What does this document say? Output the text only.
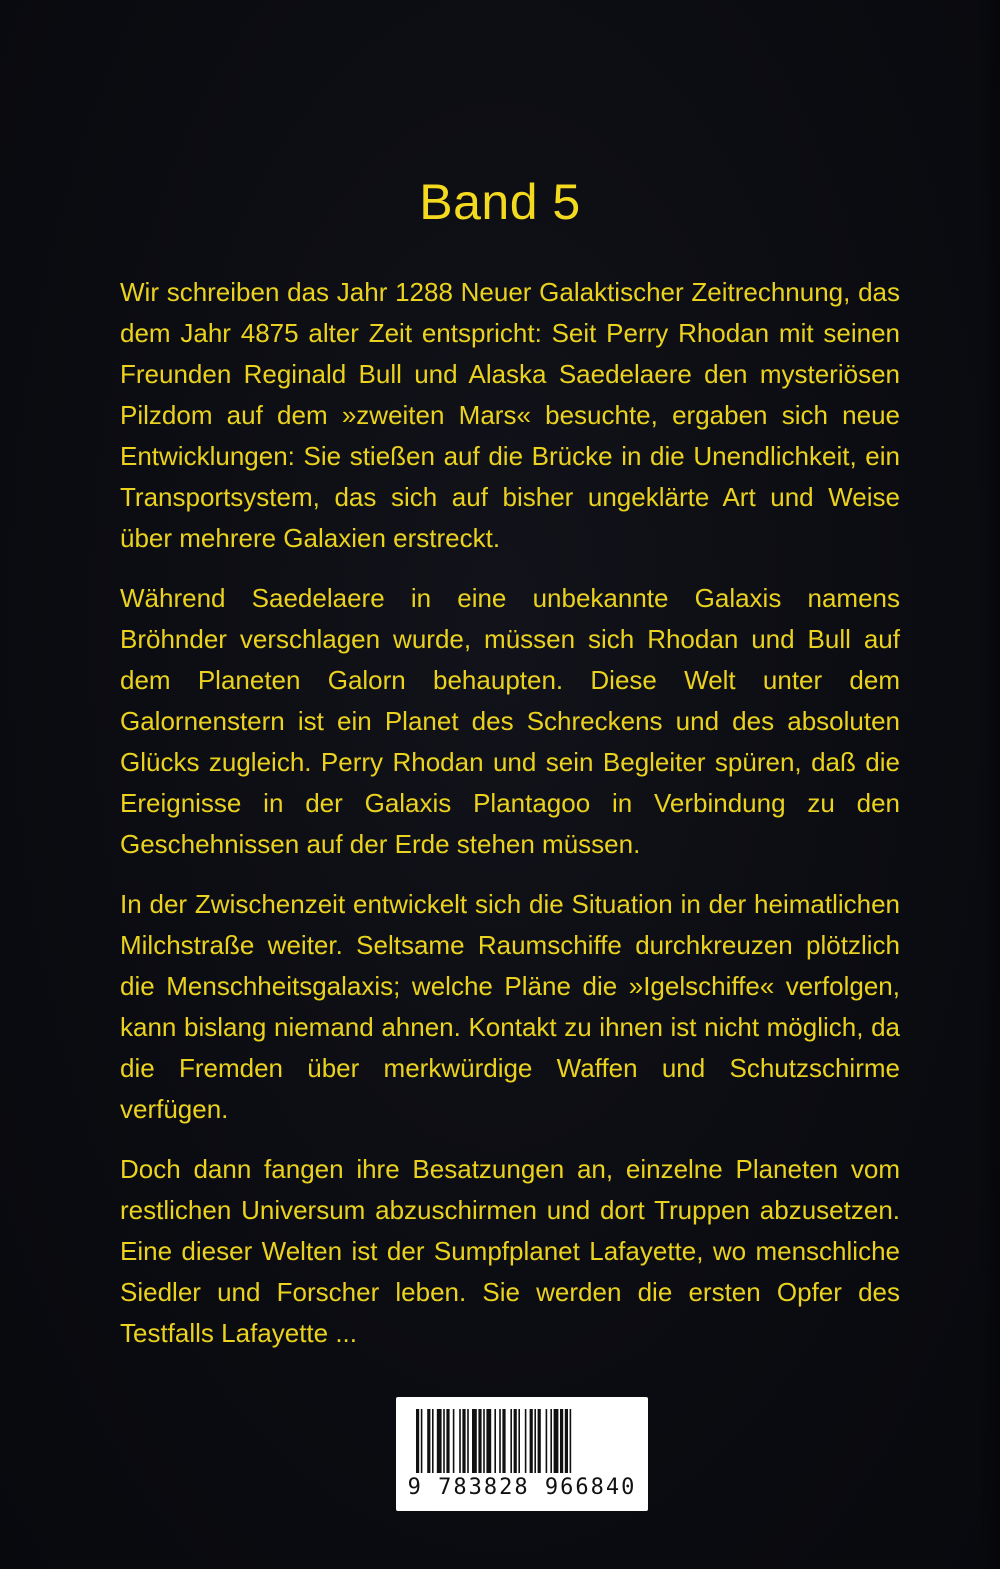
Band 5

Wir schreiben das Jahr 1288 Neuer Galaktischer Zeitrechnung, das dem Jahr 4875 alter Zeit entspricht: Seit Perry Rhodan mit seinen Freunden Reginald Bull und Alaska Saedelaere den mysteriösen Pilzdom auf dem »zweiten Mars« besuchte, ergaben sich neue Entwicklungen: Sie stießen auf die Brücke in die Unendlichkeit, ein Transportsystem, das sich auf bisher ungeklärte Art und Weise über mehrere Galaxien erstreckt.

Während Saedelaere in eine unbekannte Galaxis namens Bröhnder verschlagen wurde, müssen sich Rhodan und Bull auf dem Planeten Galorn behaupten. Diese Welt unter dem Galornenstern ist ein Planet des Schreckens und des absoluten Glücks zugleich. Perry Rhodan und sein Begleiter spüren, daß die Ereignisse in der Galaxis Plantagoo in Verbindung zu den Geschehnissen auf der Erde stehen müssen.

In der Zwischenzeit entwickelt sich die Situation in der heimatlichen Milchstraße weiter. Seltsame Raumschiffe durchkreuzen plötzlich die Menschheitsgalaxis; welche Pläne die »Igelschiffe« verfolgen, kann bislang niemand ahnen. Kontakt zu ihnen ist nicht möglich, da die Fremden über merkwürdige Waffen und Schutzschirme verfügen.

Doch dann fangen ihre Besatzungen an, einzelne Planeten vom restlichen Universum abzuschirmen und dort Truppen abzusetzen. Eine dieser Welten ist der Sumpfplanet Lafayette, wo menschliche Siedler und Forscher leben. Sie werden die ersten Opfer des Testfalls Lafayette ...

9 783828 966840
